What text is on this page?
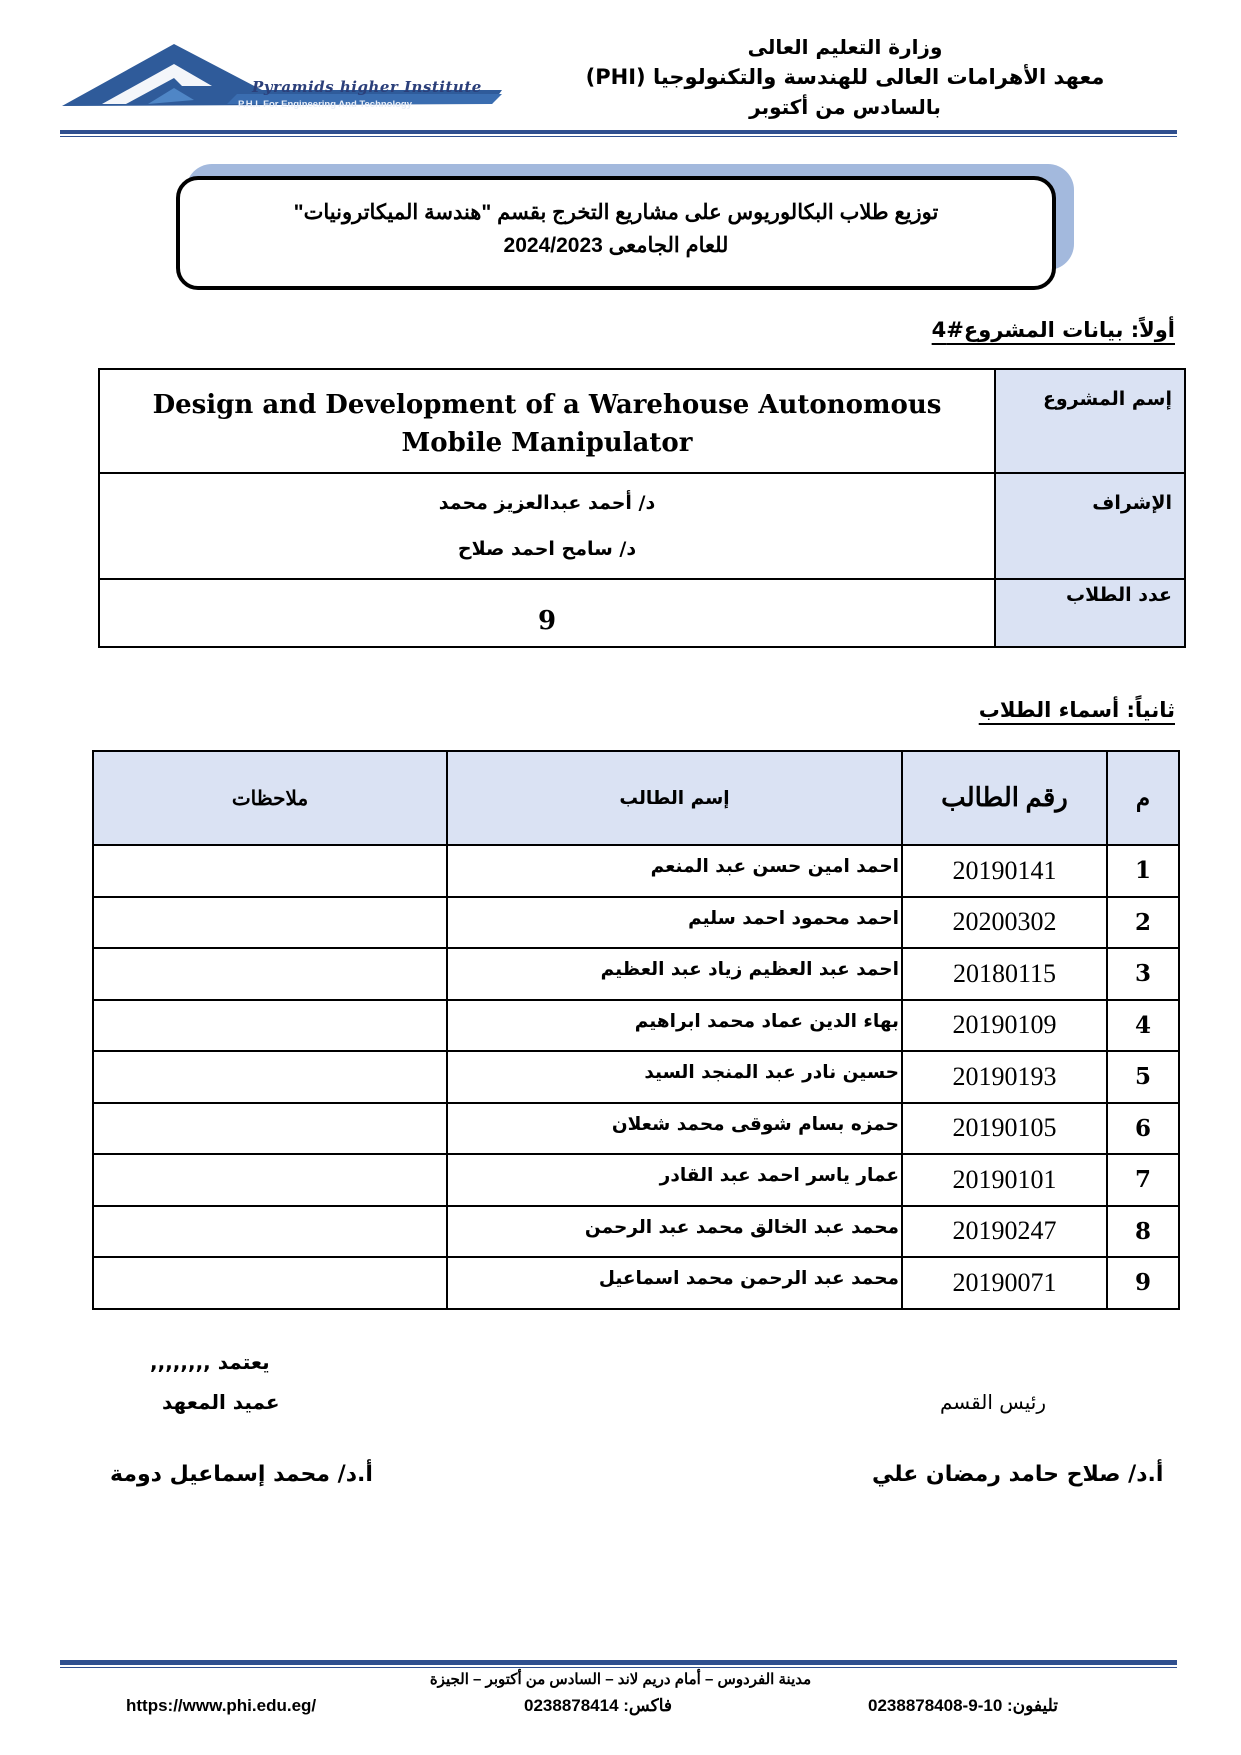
Pyramids higher Institute
P.H.I. For Engineering And Technology
وزارة التعليم العالى
معهد الأهرامات العالى للهندسة والتكنولوجيا (PHI)
بالسادس من أكتوبر
توزيع طلاب البكالوريوس على مشاريع التخرج بقسم "هندسة الميكاترونيات"
للعام الجامعى 2024/2023
أولاً: بيانات المشروع#4
إسم المشروع	Design and Development of a Warehouse Autonomous
Mobile Manipulator

الإشراف	د/ أحمد عبدالعزيز محمد
د/ سامح احمد صلاح

عدد الطلاب	9
ثانياً: أسماء الطلاب
م	رقم الطالب	إسم الطالب	ملاحظات
1	20190141	احمد امين حسن عبد المنعم	
2	20200302	احمد محمود احمد سليم	
3	20180115	احمد عبد العظيم زياد عبد العظيم	
4	20190109	بهاء الدين عماد محمد ابراهيم	
5	20190193	حسين نادر عبد المنجد السيد	
6	20190105	حمزه بسام شوقى محمد شعلان	
7	20190101	عمار ياسر احمد عبد القادر	
8	20190247	محمد عبد الخالق محمد عبد الرحمن	
9	20190071	محمد عبد الرحمن محمد اسماعيل	
يعتمد ,,,,,,,,
عميد المعهد
أ.د/ محمد إسماعيل دومة
رئيس القسم
أ.د/ صلاح حامد رمضان علي
مدينة الفردوس – أمام دريم لاند – السادس من أكتوبر – الجيزة
https://www.phi.edu.eg/	فاكس: 0238878414	تليفون: 10-9-0238878408
